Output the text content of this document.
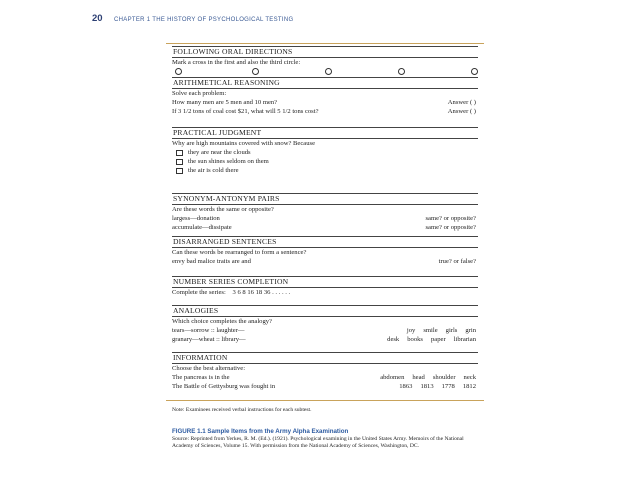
20 CHAPTER 1 THE HISTORY OF PSYCHOLOGICAL TESTING
FOLLOWING ORAL DIRECTIONS
Mark a cross in the first and also the third circle:
ARITHMETICAL REASONING
Solve each problem:
How many men are 5 men and 10 men?	Answer ( )
If 3 1/2 tons of coal cost $21, what will 5 1/2 tons cost?	Answer ( )
PRACTICAL JUDGMENT
Why are high mountains covered with snow? Because
they are near the clouds
the sun shines seldom on them
the air is cold there
SYNONYM-ANTONYM PAIRS
Are these words the same or opposite?
largess—donation	same? or opposite?
accumulate—dissipate	same? or opposite?
DISARRANGED SENTENCES
Can these words be rearranged to form a sentence?
envy bad malice traits are and	true? or false?
NUMBER SERIES COMPLETION
Complete the series: 3 6 8 16 18 36 . . . . . .
ANALOGIES
Which choice completes the analogy?
tears—sorrow :: laughter—	joy smile girls grin
granary—wheat :: library—	desk books paper librarian
INFORMATION
Choose the best alternative:
The pancreas is in the	abdomen head shoulder neck
The Battle of Gettysburg was fought in	1863 1813 1778 1812
Note: Examinees received verbal instructions for each subtest.
FIGURE 1.1 Sample Items from the Army Alpha Examination
Source: Reprinted from Yerkes, R. M. (Ed.). (1921). Psychological examining in the United States Army. Memoirs of the National Academy of Sciences, Volume 15. With permission from the National Academy of Sciences, Washington, DC.
